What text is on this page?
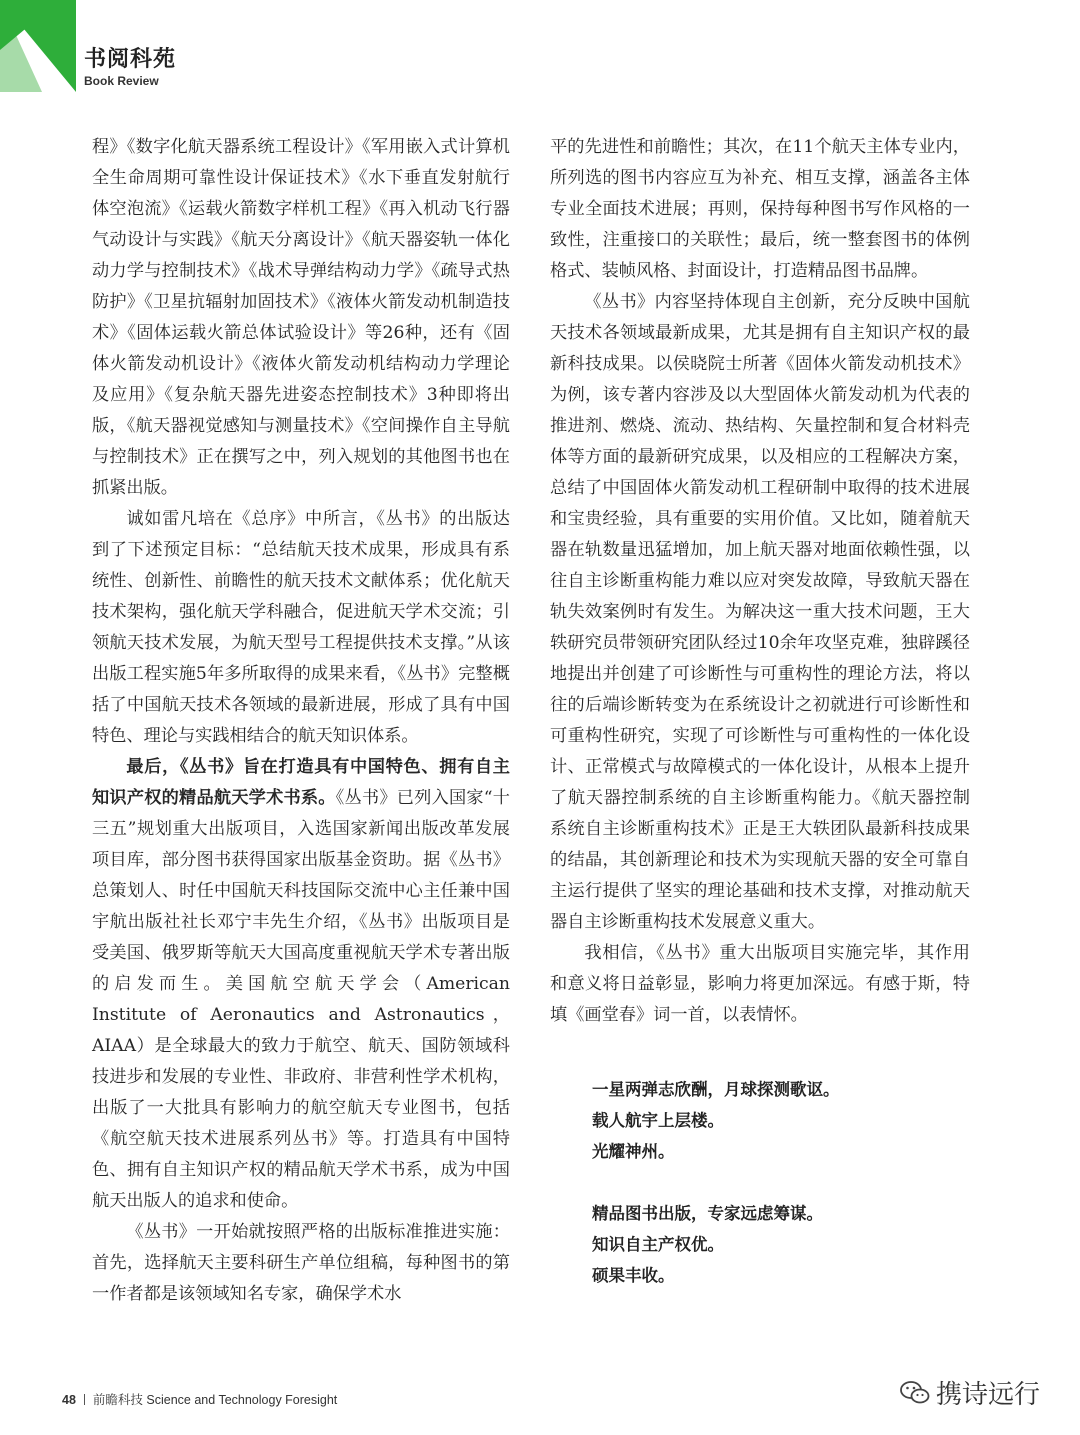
书阅科苑
Book Review

程》《数字化航天器系统工程设计》《军用嵌入式计算机全生命周期可靠性设计保证技术》《水下垂直发射航行体空泡流》《运载火箭数字样机工程》《再入机动飞行器气动设计与实践》《航天分离设计》《航天器姿轨一体化动力学与控制技术》《战术导弹结构动力学》《疏导式热防护》《卫星抗辐射加固技术》《液体火箭发动机制造技术》《固体运载火箭总体试验设计》等26种，还有《固体火箭发动机设计》《液体火箭发动机结构动力学理论及应用》《复杂航天器先进姿态控制技术》3种即将出版，《航天器视觉感知与测量技术》《空间操作自主导航与控制技术》正在撰写之中，列入规划的其他图书也在抓紧出版。

诚如雷凡培在《总序》中所言，《丛书》的出版达到了下述预定目标：“总结航天技术成果，形成具有系统性、创新性、前瞻性的航天技术文献体系；优化航天技术架构，强化航天学科融合，促进航天学术交流；引领航天技术发展，为航天型号工程提供技术支撑。”从该出版工程实施5年多所取得的成果来看，《丛书》完整概括了中国航天技术各领域的最新进展，形成了具有中国特色、理论与实践相结合的航天知识体系。

最后，《丛书》旨在打造具有中国特色、拥有自主知识产权的精品航天学术书系。《丛书》已列入国家“十三五”规划重大出版项目，入选国家新闻出版改革发展项目库，部分图书获得国家出版基金资助。据《丛书》总策划人、时任中国航天科技国际交流中心主任兼中国宇航出版社社长邓宁丰先生介绍，《丛书》出版项目是受美国、俄罗斯等航天大国高度重视航天学术专著出版的启发而生。美国航空航天学会（American Institute of Aeronautics and Astronautics，AIAA）是全球最大的致力于航空、航天、国防领域科技进步和发展的专业性、非政府、非营利性学术机构，出版了一大批具有影响力的航空航天专业图书，包括《航空航天技术进展系列丛书》等。打造具有中国特色、拥有自主知识产权的精品航天学术书系，成为中国航天出版人的追求和使命。

《丛书》一开始就按照严格的出版标准推进实施：首先，选择航天主要科研生产单位组稿，每种图书的第一作者都是该领域知名专家，确保学术水

平的先进性和前瞻性；其次，在11个航天主体专业内，所列选的图书内容应互为补充、相互支撑，涵盖各主体专业全面技术进展；再则，保持每种图书写作风格的一致性，注重接口的关联性；最后，统一整套图书的体例格式、装帧风格、封面设计，打造精品图书品牌。

《丛书》内容坚持体现自主创新，充分反映中国航天技术各领域最新成果，尤其是拥有自主知识产权的最新科技成果。以侯晓院士所著《固体火箭发动机技术》为例，该专著内容涉及以大型固体火箭发动机为代表的推进剂、燃烧、流动、热结构、矢量控制和复合材料壳体等方面的最新研究成果，以及相应的工程解决方案，总结了中国固体火箭发动机工程研制中取得的技术进展和宝贵经验，具有重要的实用价值。又比如，随着航天器在轨数量迅猛增加，加上航天器对地面依赖性强，以往自主诊断重构能力难以应对突发故障，导致航天器在轨失效案例时有发生。为解决这一重大技术问题，王大轶研究员带领研究团队经过10余年攻坚克难，独辟蹊径地提出并创建了可诊断性与可重构性的理论方法，将以往的后端诊断转变为在系统设计之初就进行可诊断性和可重构性研究，实现了可诊断性与可重构性的一体化设计、正常模式与故障模式的一体化设计，从根本上提升了航天器控制系统的自主诊断重构能力。《航天器控制系统自主诊断重构技术》正是王大轶团队最新科技成果的结晶，其创新理论和技术为实现航天器的安全可靠自主运行提供了坚实的理论基础和技术支撑，对推动航天器自主诊断重构技术发展意义重大。

我相信，《丛书》重大出版项目实施完毕，其作用和意义将日益彰显，影响力将更加深远。有感于斯，特填《画堂春》词一首，以表情怀。

一星两弹志欣酬，月球探测歌讴。
载人航宇上层楼。
光耀神州。
精品图书出版，专家远虑筹谋。
知识自主产权优。
硕果丰收。
48 前瞻科技 Science and Technology Foresight	携诗远行
